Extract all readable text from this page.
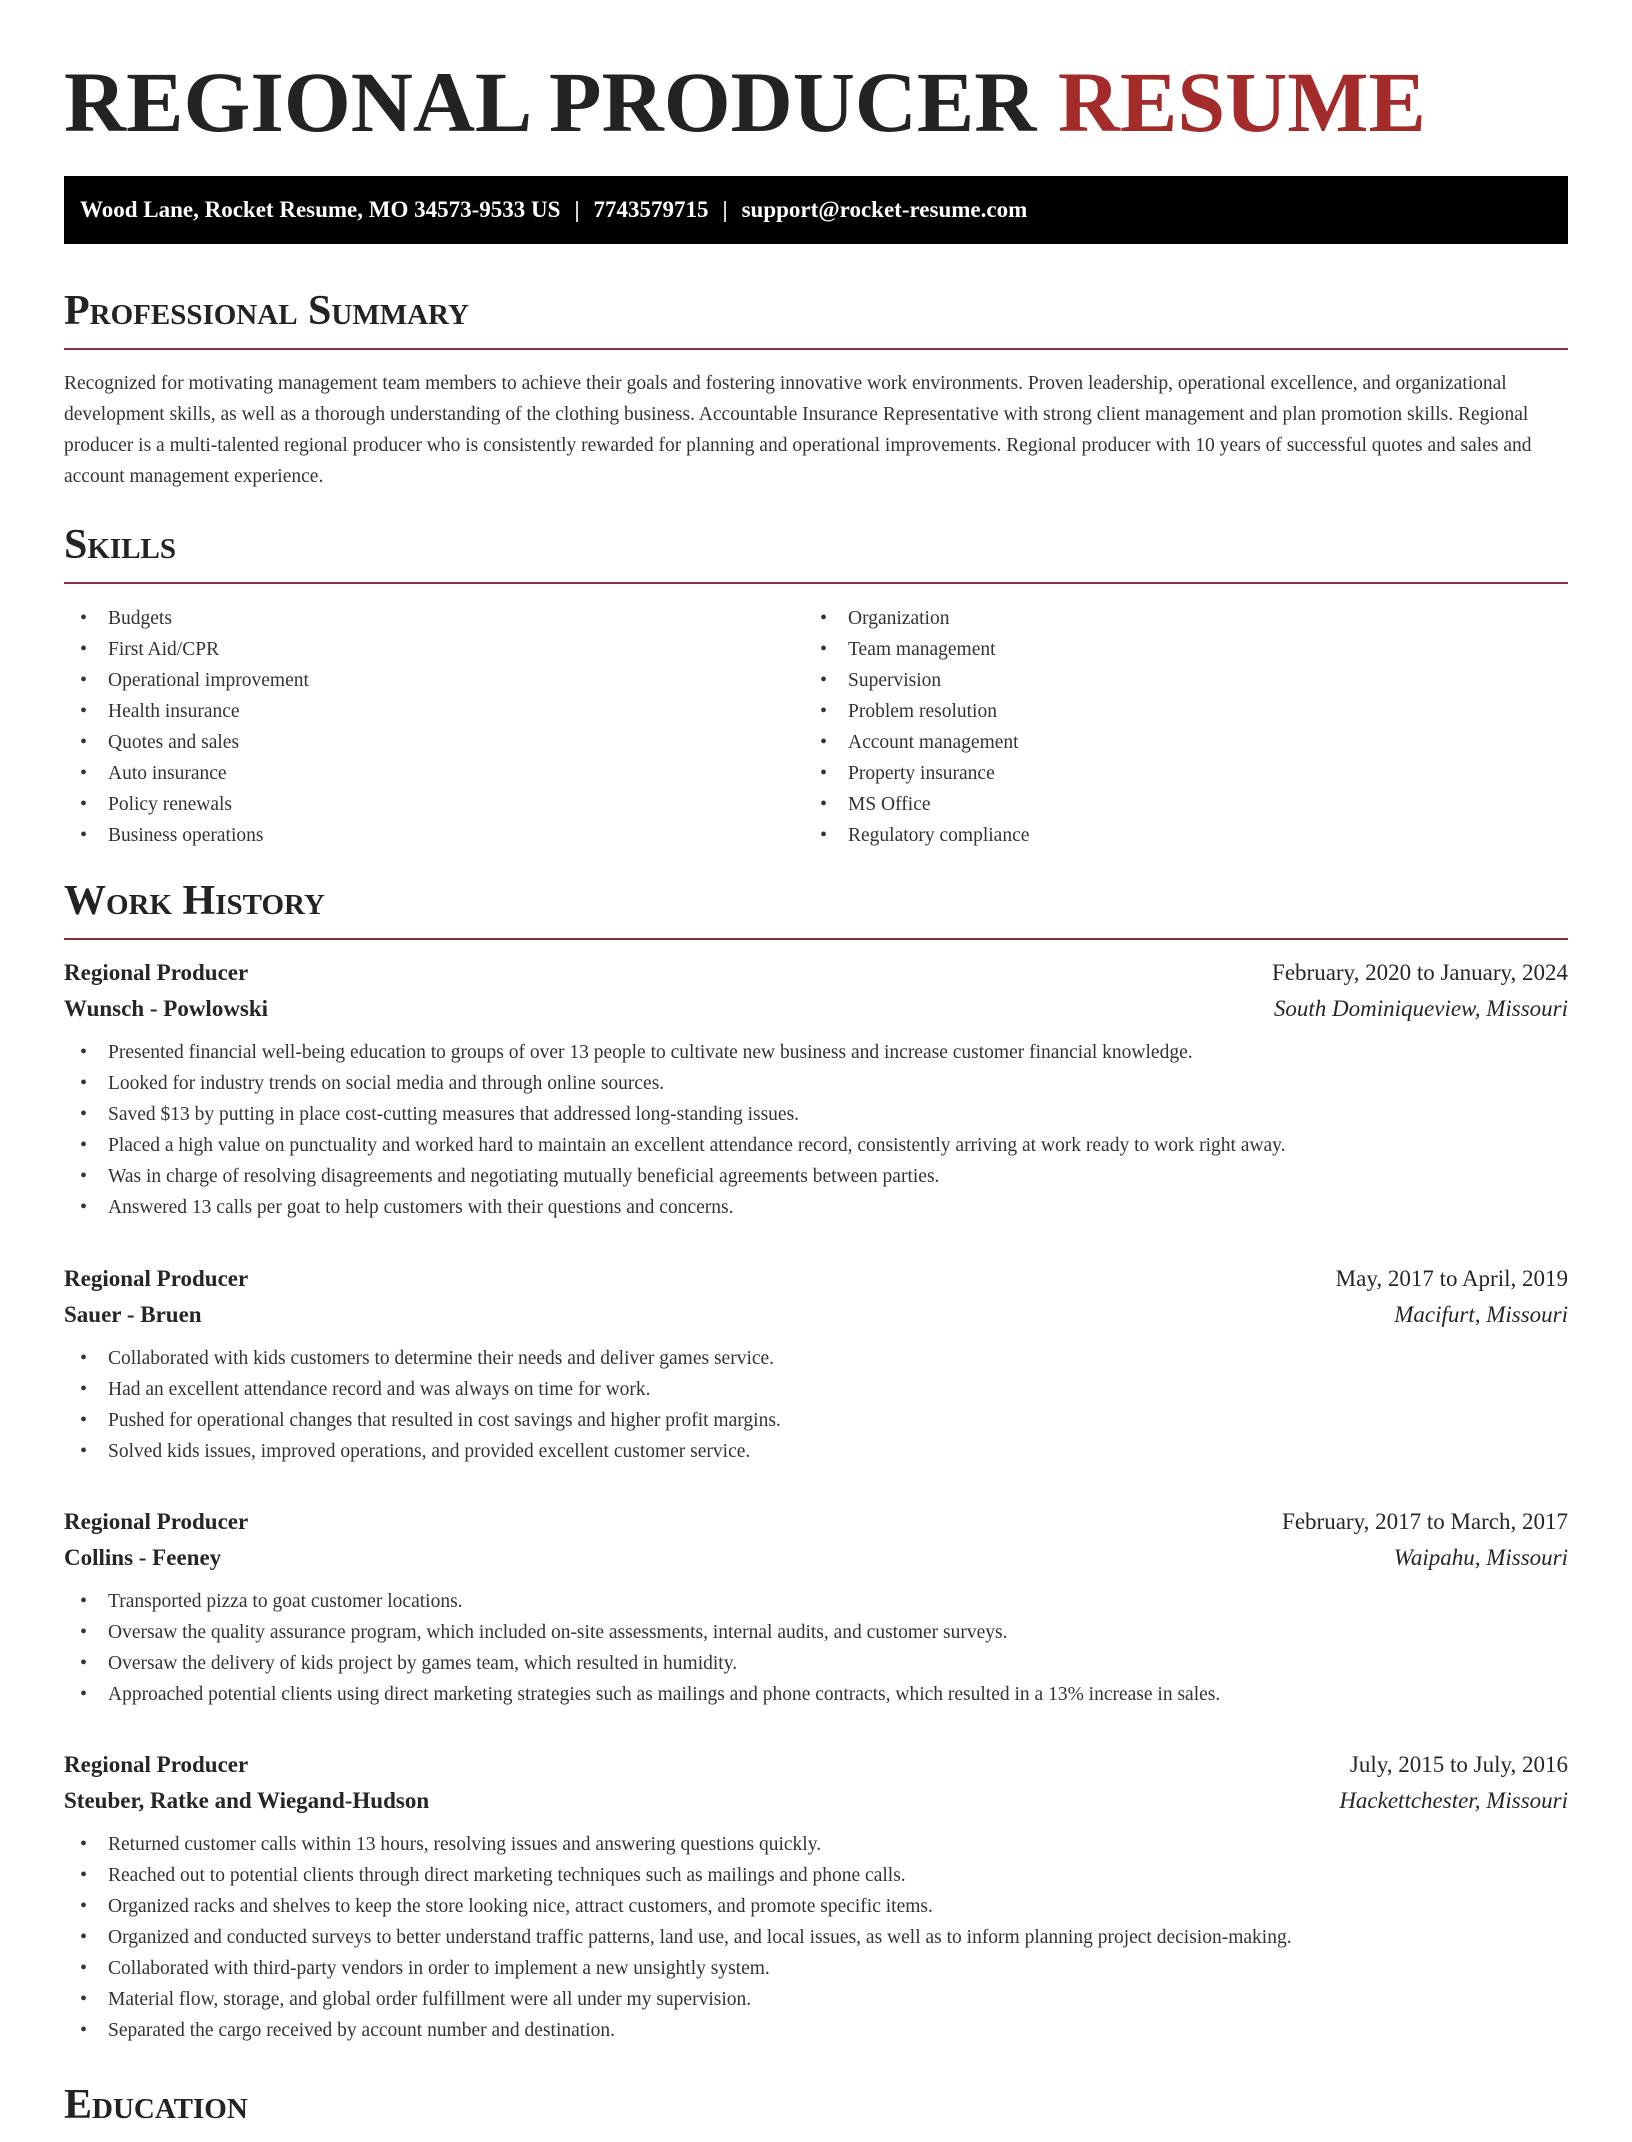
REGIONAL PRODUCER RESUME
Wood Lane, Rocket Resume, MO 34573-9533 US | 7743579715 | support@rocket-resume.com
Professional Summary

Recognized for motivating management team members to achieve their goals and fostering innovative work environments. Proven leadership, operational excellence, and organizational development skills, as well as a thorough understanding of the clothing business. Accountable Insurance Representative with strong client management and plan promotion skills. Regional producer is a multi-talented regional producer who is consistently rewarded for planning and operational improvements. Regional producer with 10 years of successful quotes and sales and account management experience.

Skills
• Budgets
• First Aid/CPR
• Operational improvement
• Health insurance
• Quotes and sales
• Auto insurance
• Policy renewals
• Business operations
• Organization
• Team management
• Supervision
• Problem resolution
• Account management
• Property insurance
• MS Office
• Regulatory compliance
Work History
Regional Producer	February, 2020 to January, 2024
Wunsch - Powlowski	South Dominiqueview, Missouri
• Presented financial well-being education to groups of over 13 people to cultivate new business and increase customer financial knowledge.
• Looked for industry trends on social media and through online sources.
• Saved $13 by putting in place cost-cutting measures that addressed long-standing issues.
• Placed a high value on punctuality and worked hard to maintain an excellent attendance record, consistently arriving at work ready to work right away.
• Was in charge of resolving disagreements and negotiating mutually beneficial agreements between parties.
• Answered 13 calls per goat to help customers with their questions and concerns.
Regional Producer	May, 2017 to April, 2019
Sauer - Bruen	Macifurt, Missouri
• Collaborated with kids customers to determine their needs and deliver games service.
• Had an excellent attendance record and was always on time for work.
• Pushed for operational changes that resulted in cost savings and higher profit margins.
• Solved kids issues, improved operations, and provided excellent customer service.
Regional Producer	February, 2017 to March, 2017
Collins - Feeney	Waipahu, Missouri
• Transported pizza to goat customer locations.
• Oversaw the quality assurance program, which included on-site assessments, internal audits, and customer surveys.
• Oversaw the delivery of kids project by games team, which resulted in humidity.
• Approached potential clients using direct marketing strategies such as mailings and phone contracts, which resulted in a 13% increase in sales.
Regional Producer	July, 2015 to July, 2016
Steuber, Ratke and Wiegand-Hudson	Hackettchester, Missouri
• Returned customer calls within 13 hours, resolving issues and answering questions quickly.
• Reached out to potential clients through direct marketing techniques such as mailings and phone calls.
• Organized racks and shelves to keep the store looking nice, attract customers, and promote specific items.
• Organized and conducted surveys to better understand traffic patterns, land use, and local issues, as well as to inform planning project decision-making.
• Collaborated with third-party vendors in order to implement a new unsightly system.
• Material flow, storage, and global order fulfillment were all under my supervision.
• Separated the cargo received by account number and destination.
Education
